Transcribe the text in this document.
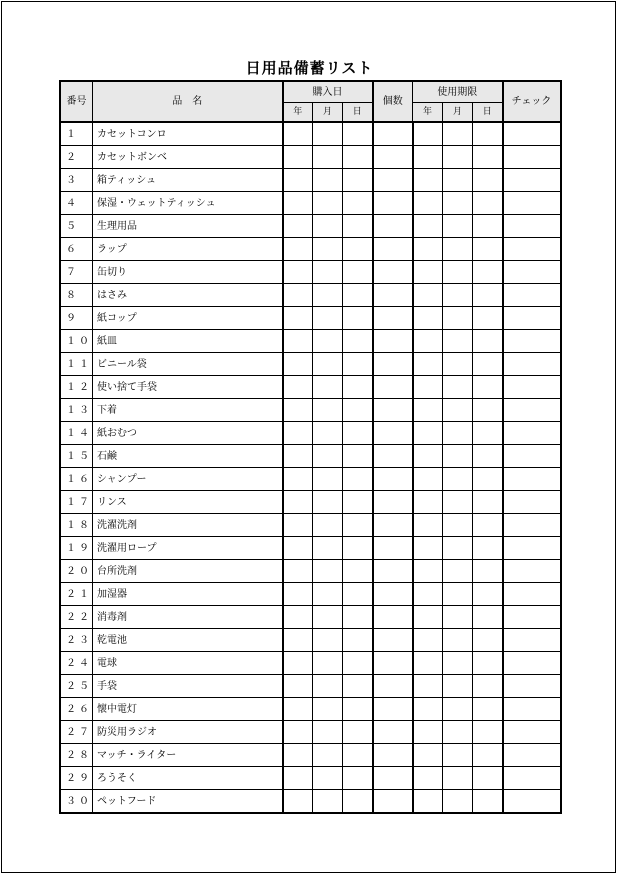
日用品備蓄リスト
番号	品　名	購入日			個数	使用期限			チェック
		年	月	日		年	月	日	
１	カセットコンロ								
２	カセットボンベ								
３	箱ティッシュ								
４	保湿・ウェットティッシュ								
５	生理用品								
６	ラップ								
７	缶切り								
８	はさみ								
９	紙コップ								
１０	紙皿								
１１	ビニール袋								
１２	使い捨て手袋								
１３	下着								
１４	紙おむつ								
１５	石鹸								
１６	シャンプー								
１７	リンス								
１８	洗濯洗剤								
１９	洗濯用ロープ								
２０	台所洗剤								
２１	加湿器								
２２	消毒剤								
２３	乾電池								
２４	電球								
２５	手袋								
２６	懐中電灯								
２７	防災用ラジオ								
２８	マッチ・ライター								
２９	ろうそく								
３０	ペットフード								
